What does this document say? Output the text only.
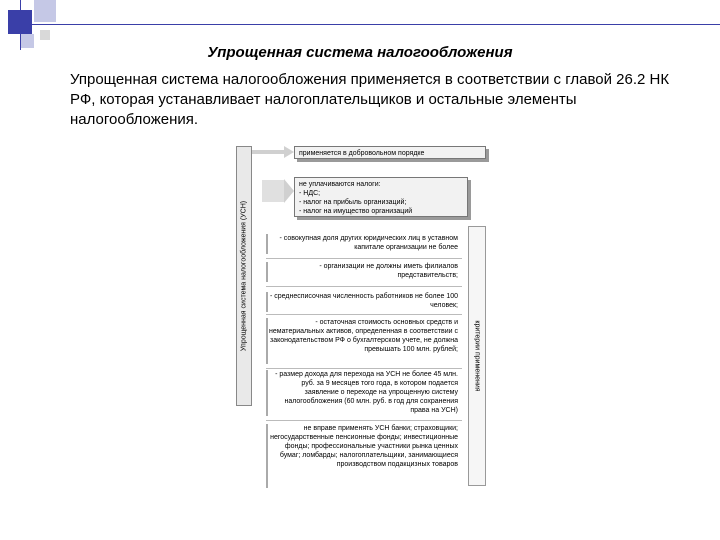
Упрощенная система налогообложения
Упрощенная система налогообложения применяется в соответствии с главой 26.2 НК РФ, которая устанавливает налогоплательщиков и остальные элементы налогообложения.
Упрощенная система налогообложения (УСН)
применяется в добровольном порядке
не уплачиваются налоги:
- НДС;
- налог на прибыль организаций;
- налог на имущество организаций
- совокупная доля других юридических лиц в уставном капитале организации не более
- организации не должны иметь филиалов представительств;
- среднесписочная численность работников не более 100 человек;
- остаточная стоимость основных средств и нематериальных активов, определенная в соответствии с законодательством РФ о бухгалтерском учете, не должна превышать 100 млн. рублей;
- размер дохода для перехода на УСН не более 45 млн. руб. за 9 месяцев того года, в котором подается заявление о переходе на упрощенную систему налогообложения (60 млн. руб. в год для сохранения права на УСН)
не вправе применять УСН банки; страховщики; негосударственные пенсионные фонды; инвестиционные фонды; профессиональные участники рынка ценных бумаг; ломбарды; налогоплательщики, занимающиеся производством подакцизных товаров
критерии применения
